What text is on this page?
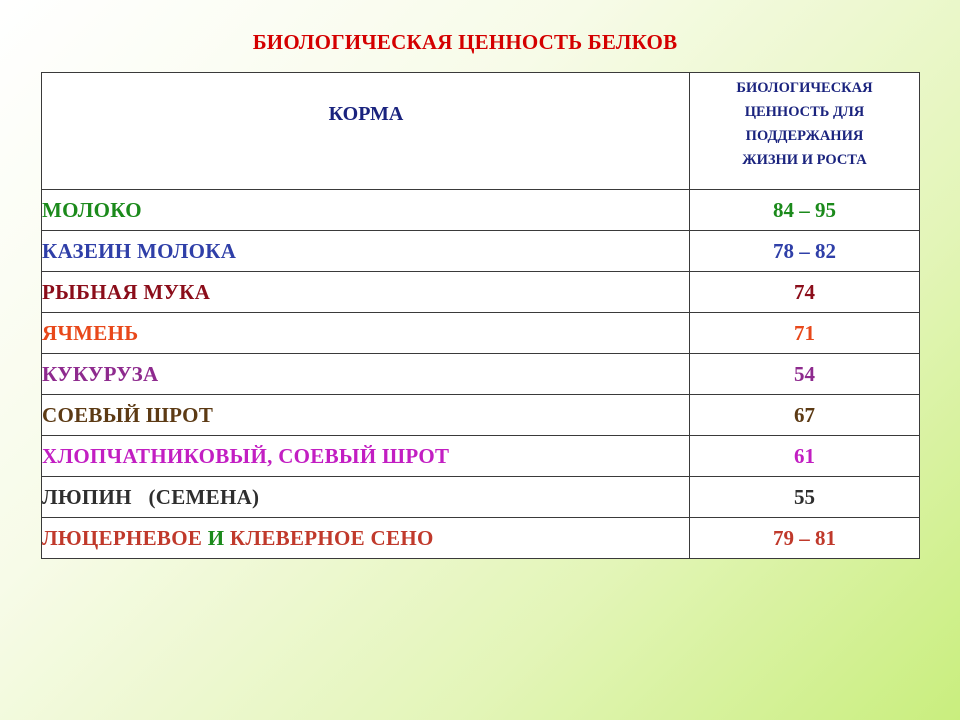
БИОЛОГИЧЕСКАЯ ЦЕННОСТЬ БЕЛКОВ
КОРМА	БИОЛОГИЧЕСКАЯ
ЦЕННОСТЬ ДЛЯ
ПОДДЕРЖАНИЯ
ЖИЗНИ И РОСТА

МОЛОКО	84 – 95
КАЗЕИН МОЛОКА	78 – 82
РЫБНАЯ МУКА	74
ЯЧМЕНЬ	71
КУКУРУЗА	54
СОЕВЫЙ ШРОТ	67
ХЛОПЧАТНИКОВЫЙ, СОЕВЫЙ ШРОТ	61
ЛЮПИН   (СЕМЕНА)	55
ЛЮЦЕРНЕВОЕ И КЛЕВЕРНОЕ СЕНО	79 – 81
